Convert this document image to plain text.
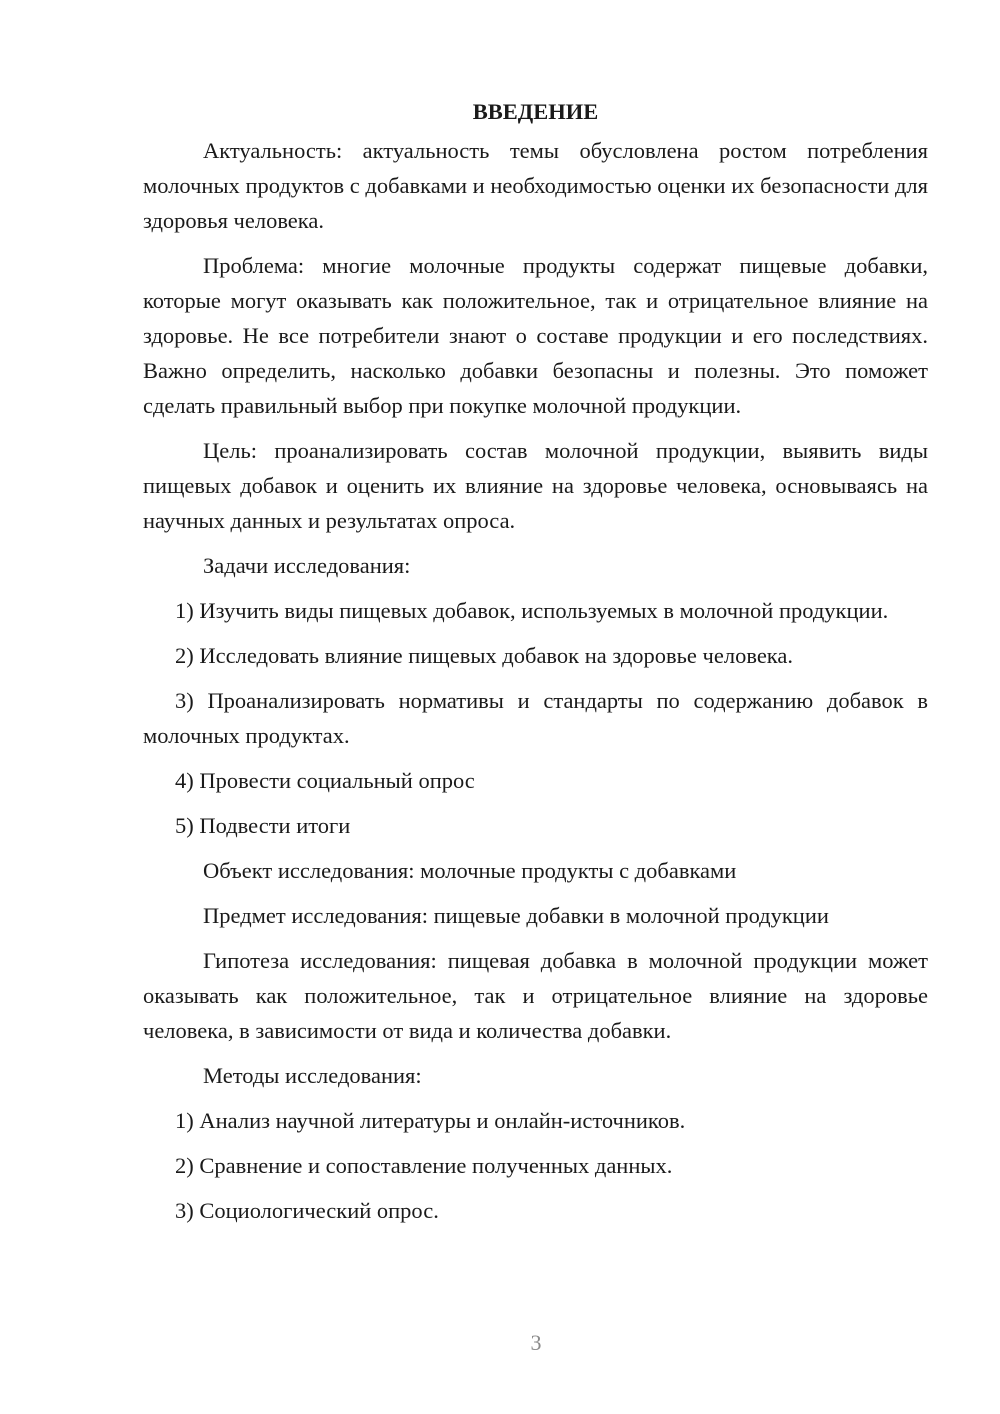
ВВЕДЕНИЕ

Актуальность: актуальность темы обусловлена ростом потребления молочных продуктов с добавками и необходимостью оценки их безопасности для здоровья человека.

Проблема: многие молочные продукты содержат пищевые добавки, которые могут оказывать как положительное, так и отрицательное влияние на здоровье. Не все потребители знают о составе продукции и его последствиях. Важно определить, насколько добавки безопасны и полезны. Это поможет сделать правильный выбор при покупке молочной продукции.

Цель: проанализировать состав молочной продукции, выявить виды пищевых добавок и оценить их влияние на здоровье человека, основываясь на научных данных и результатах опроса.

Задачи исследования:

1) Изучить виды пищевых добавок, используемых в молочной продукции.

2) Исследовать влияние пищевых добавок на здоровье человека.

3) Проанализировать нормативы и стандарты по содержанию добавок в молочных продуктах.

4) Провести социальный опрос

5) Подвести итоги

Объект исследования: молочные продукты с добавками

Предмет исследования: пищевые добавки в молочной продукции

Гипотеза исследования: пищевая добавка в молочной продукции может оказывать как положительное, так и отрицательное влияние на здоровье человека, в зависимости от вида и количества добавки.

Методы исследования:

1) Анализ научной литературы и онлайн-источников.

2) Сравнение и сопоставление полученных данных.

3) Социологический опрос.

3
